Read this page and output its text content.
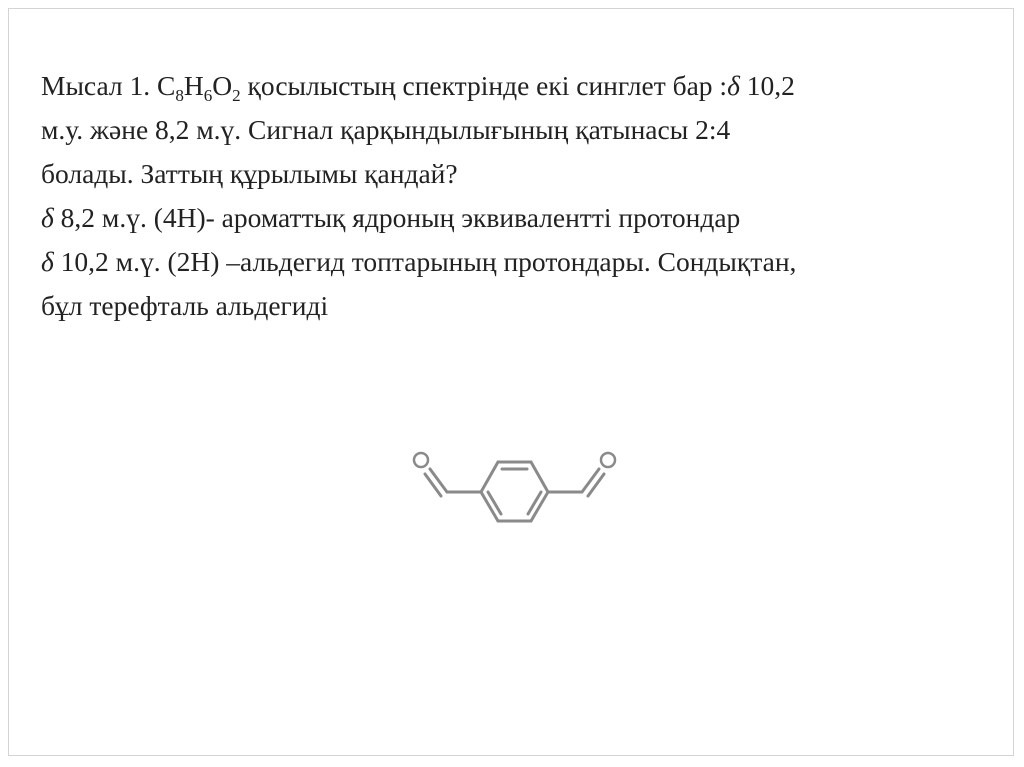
Мысал 1. $C_8H_6O_2$ қосылыстың спектрінде екі синглет бар :δ 10,2
м.у. және 8,2 м.ү. Сигнал қарқындылығының қатынасы 2:4
болады. Заттың құрылымы қандай?
δ 8,2 м.ү. (4Н)- ароматтық ядроның эквиваленттi протондар
δ 10,2 м.ү. (2Н) –альдегид топтарының протондары. Сондықтан,
бұл терефталь альдегиді
